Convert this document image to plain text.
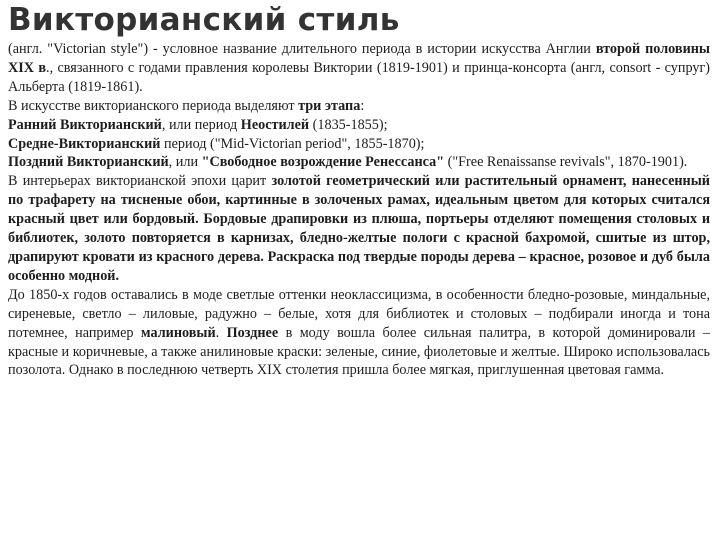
Викторианский стиль

(англ. "Victorian style") - условное название длительного периода в истории искусства Англии второй половины XIX в., связанного с годами правления королевы Виктории (1819-1901) и принца-консорта (англ, consort - супруг) Альберта (1819-1861).

В искусстве викторианского периода выделяют три этапа:

Ранний Викторианский, или период Неостилей (1835-1855);

Средне-Викторианский период ("Mid-Victorian period", 1855-1870);

Поздний Викторианский, или "Свободное возрождение Ренессанса" ("Free Renaissanse revivals", 1870-1901).

В интерьерах викторианской эпохи царит золотой геометрический или растительный орнамент, нанесенный по трафарету на тисненые обои, картинные в золоченых рамах, идеальным цветом для которых считался красный цвет или бордовый. Бордовые драпировки из плюша, портьеры отделяют помещения столовых и библиотек, золото повторяется в карнизах, бледно-желтые пологи с красной бахромой, сшитые из штор, драпируют кровати из красного дерева. Раскраска под твердые породы дерева – красное, розовое и дуб была особенно модной.

До 1850-х годов оставались в моде светлые оттенки неоклассицизма, в особенности бледно-розовые, миндальные, сиреневые, светло – лиловые, радужно – белые, хотя для библиотек и столовых – подбирали иногда и тона потемнее, например малиновый. Позднее в моду вошла более сильная палитра, в которой доминировали – красные и коричневые, а также анилиновые краски: зеленые, синие, фиолетовые и желтые. Широко использовалась позолота. Однако в последнюю четверть XIX столетия пришла более мягкая, приглушенная цветовая гамма.
